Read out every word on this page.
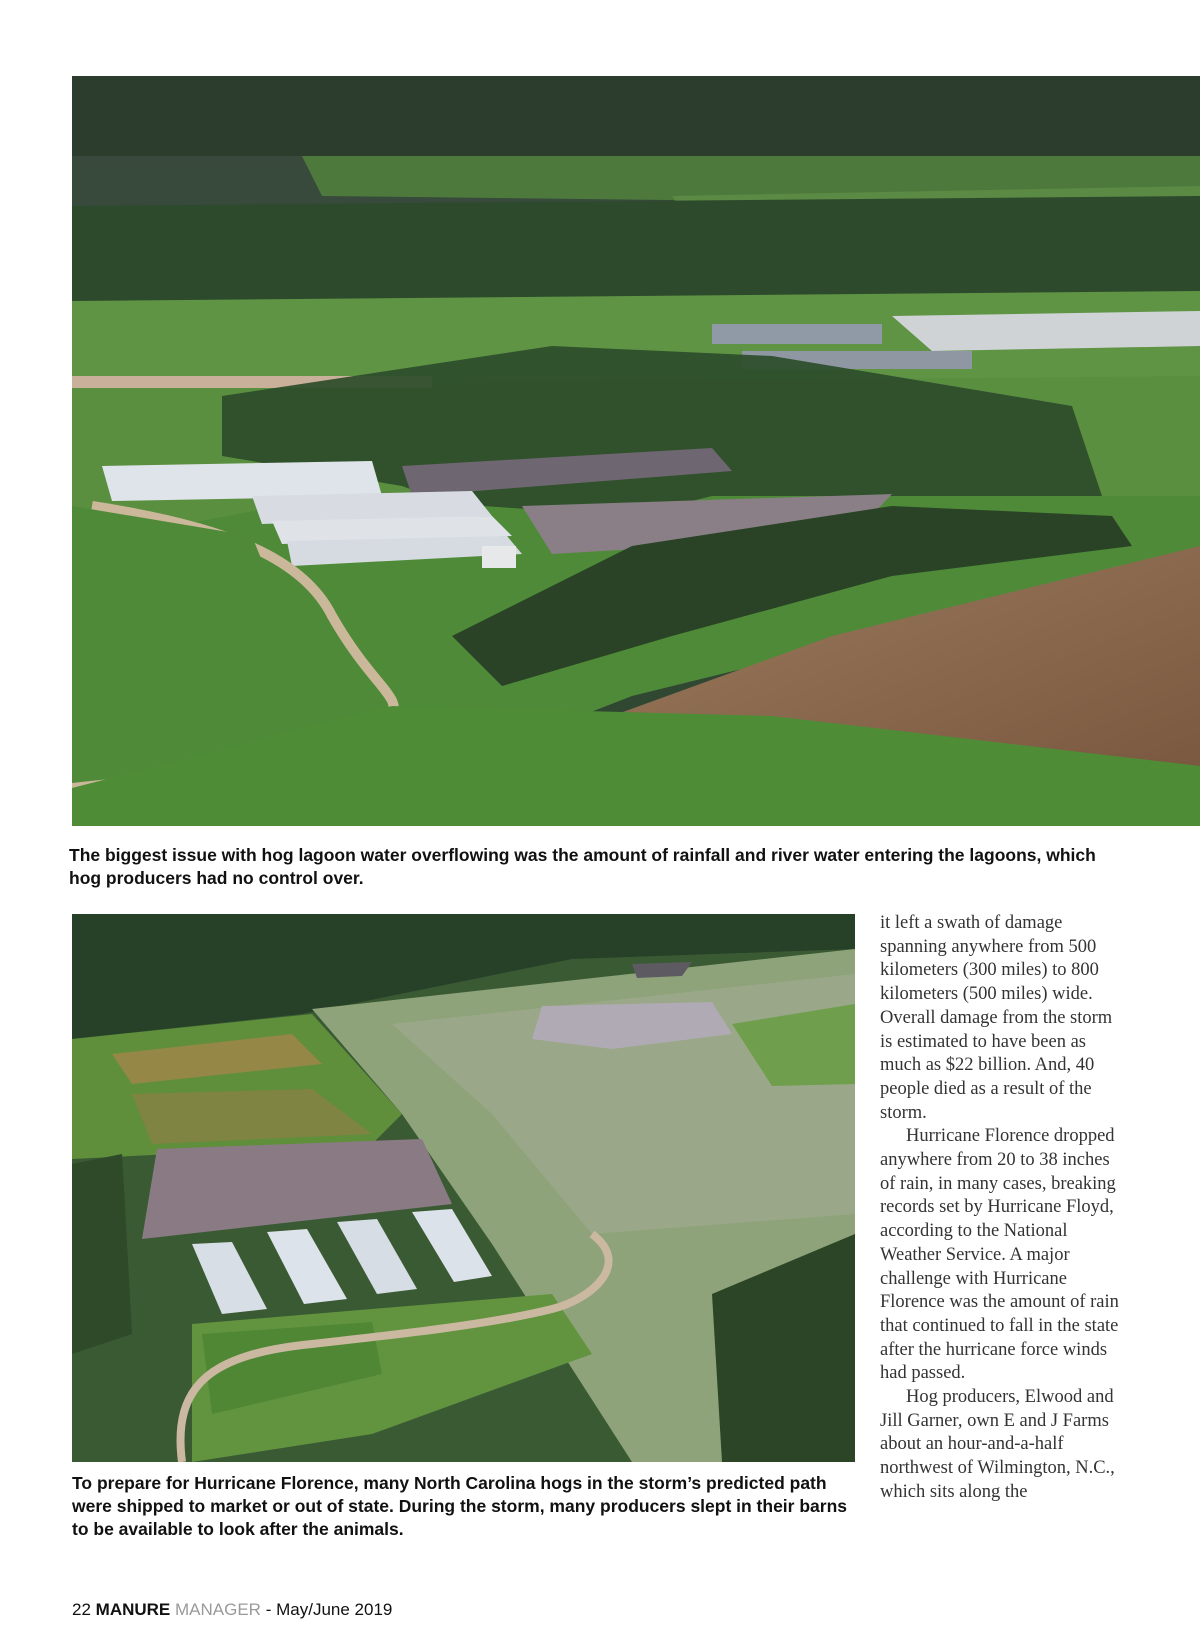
The biggest issue with hog lagoon water overflowing was the amount of rainfall and river water entering the lagoons, which hog producers had no control over.
To prepare for Hurricane Florence, many North Carolina hogs in the storm’s predicted path were shipped to market or out of state. During the storm, many producers slept in their barns to be available to look after the animals.

it left a swath of damage spanning anywhere from 500 kilometers (300 miles) to 800 kilometers (500 miles) wide. Overall damage from the storm is estimated to have been as much as $22 billion. And, 40 people died as a result of the storm.

Hurricane Florence dropped anywhere from 20 to 38 inches of rain, in many cases, breaking records set by Hurricane Floyd, according to the National Weather Service. A major challenge with Hurricane Florence was the amount of rain that continued to fall in the state after the hurricane force winds had passed.

Hog producers, Elwood and Jill Garner, own E and J Farms about an hour-and-a-half northwest of Wilmington, N.C., which sits along the

22 MANURE MANAGER - May/June 2019
